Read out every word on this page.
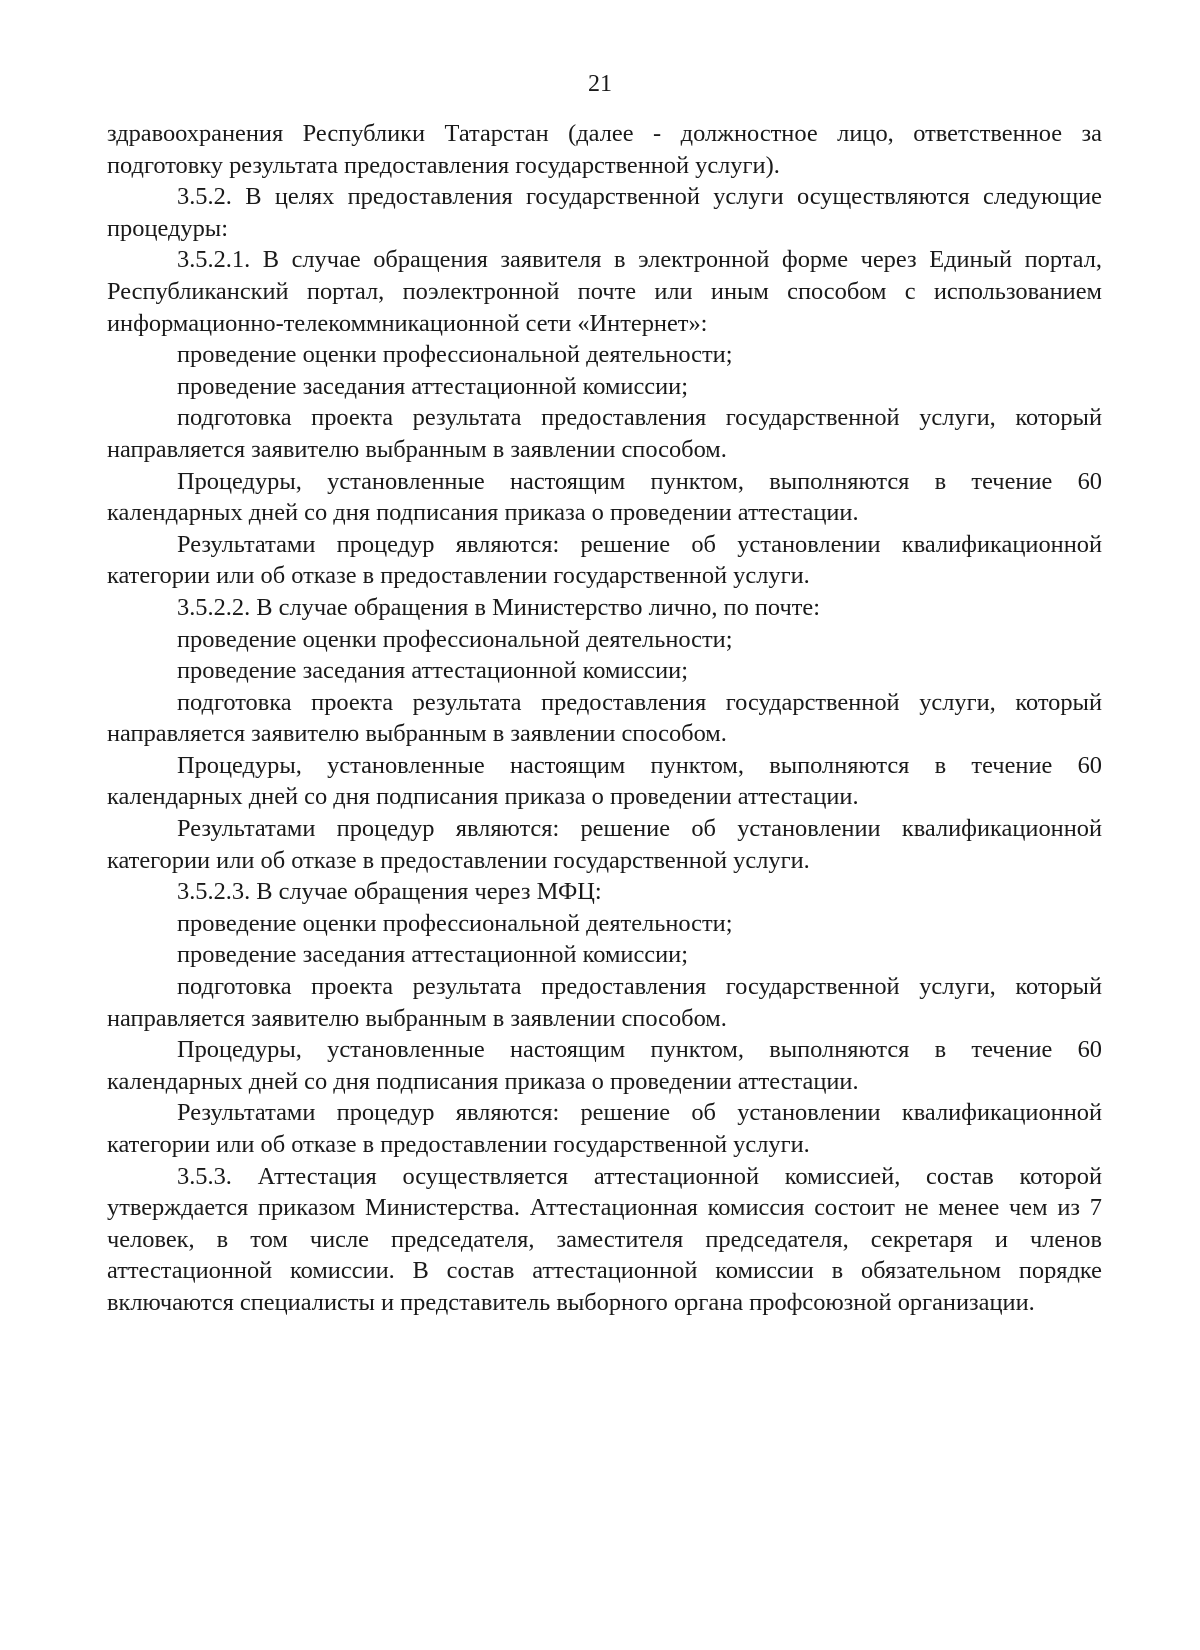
21

здравоохранения Республики Татарстан (далее - должностное лицо, ответственное за подготовку результата предоставления государственной услуги).

3.5.2. В целях предоставления государственной услуги осуществляются следующие процедуры:

3.5.2.1. В случае обращения заявителя в электронной форме через Единый портал, Республиканский портал, поэлектронной почте или иным способом с использованием информационно-телекоммникационной сети «Интернет»:

проведение оценки профессиональной деятельности;

проведение заседания аттестационной комиссии;

подготовка проекта результата предоставления государственной услуги, который направляется заявителю выбранным в заявлении способом.

Процедуры, установленные настоящим пунктом, выполняются в течение 60 календарных дней со дня подписания приказа о проведении аттестации.

Результатами процедур являются: решение об установлении квалификационной категории или об отказе в предоставлении государственной услуги.

3.5.2.2. В случае обращения в Министерство лично, по почте:

проведение оценки профессиональной деятельности;

проведение заседания аттестационной комиссии;

подготовка проекта результата предоставления государственной услуги, который направляется заявителю выбранным в заявлении способом.

Процедуры, установленные настоящим пунктом, выполняются в течение 60 календарных дней со дня подписания приказа о проведении аттестации.

Результатами процедур являются: решение об установлении квалификационной категории или об отказе в предоставлении государственной услуги.

3.5.2.3. В случае обращения через МФЦ:

проведение оценки профессиональной деятельности;

проведение заседания аттестационной комиссии;

подготовка проекта результата предоставления государственной услуги, который направляется заявителю выбранным в заявлении способом.

Процедуры, установленные настоящим пунктом, выполняются в течение 60 календарных дней со дня подписания приказа о проведении аттестации.

Результатами процедур являются: решение об установлении квалификационной категории или об отказе в предоставлении государственной услуги.

3.5.3. Аттестация осуществляется аттестационной комиссией, состав которой утверждается приказом Министерства. Аттестационная комиссия состоит не менее чем из 7 человек, в том числе председателя, заместителя председателя, секретаря и членов аттестационной комиссии. В состав аттестационной комиссии в обязательном порядке включаются специалисты и представитель выборного органа профсоюзной организации.
